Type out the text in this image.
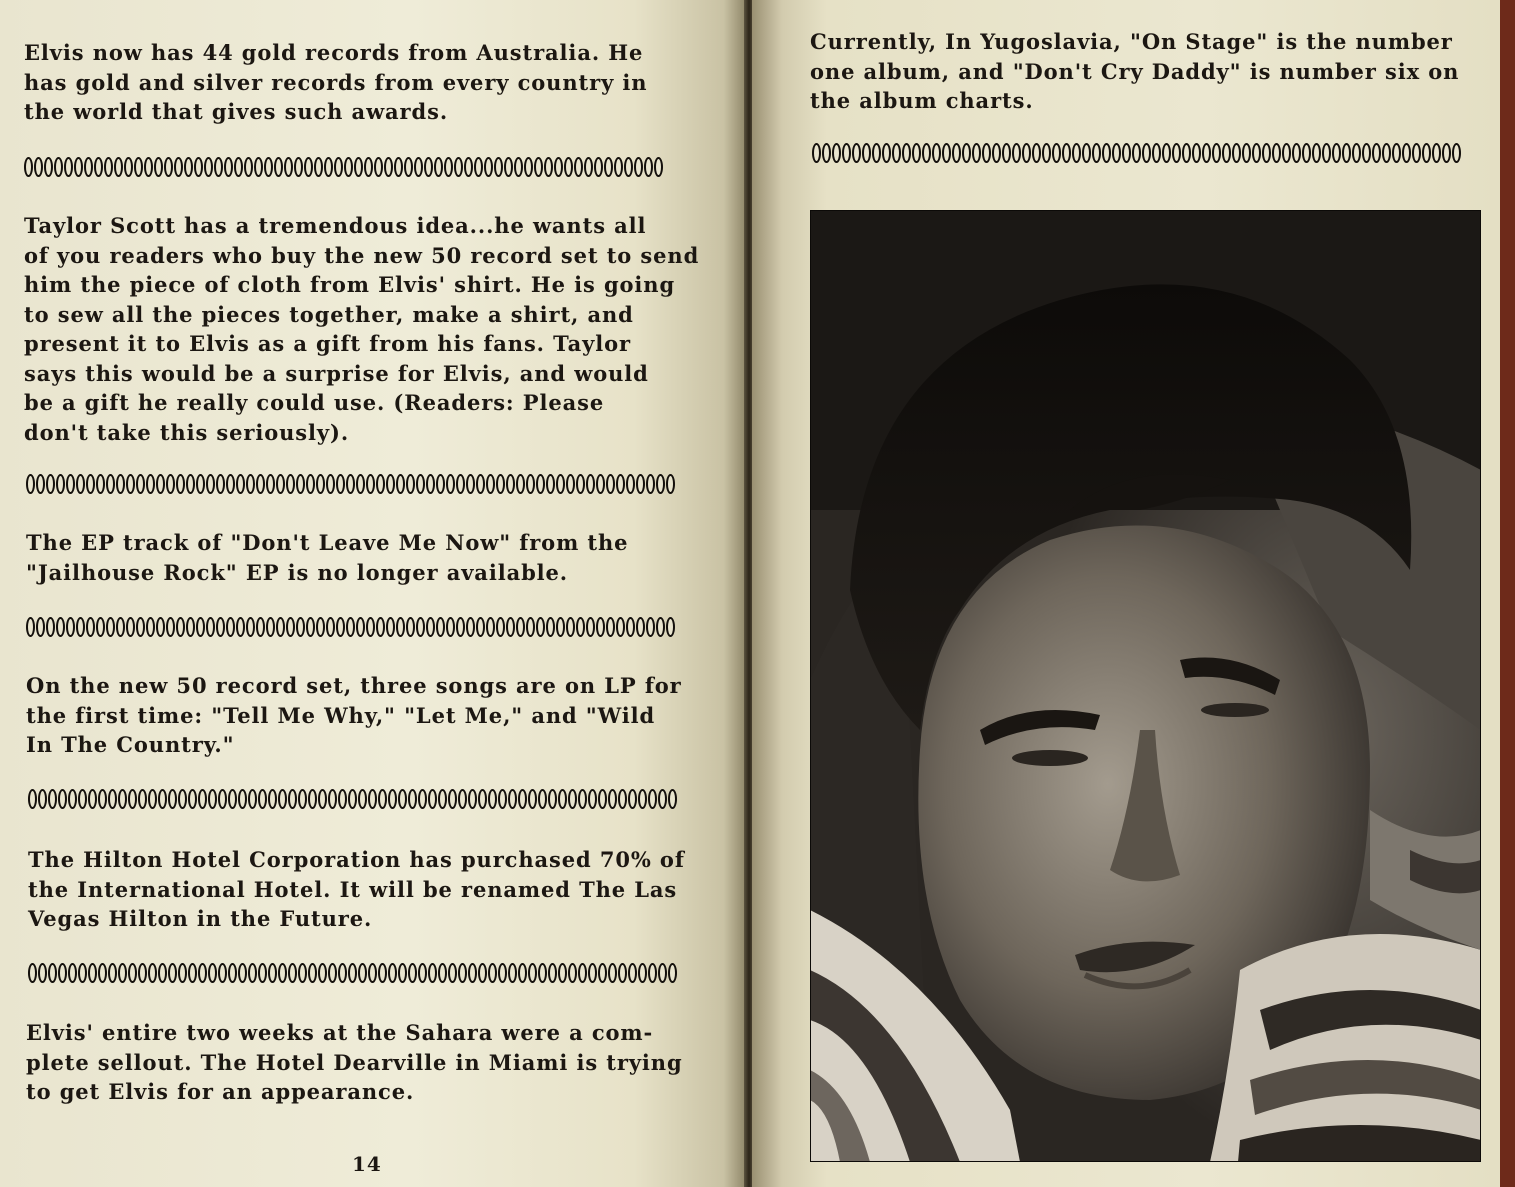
Elvis now has 44 gold records from Australia. He
has gold and silver records from every country in
the world that gives such awards.

Taylor Scott has a tremendous idea...he wants all
of you readers who buy the new 50 record set to send
him the piece of cloth from Elvis' shirt. He is going
to sew all the pieces together, make a shirt, and
present it to Elvis as a gift from his fans. Taylor
says this would be a surprise for Elvis, and would
be a gift he really could use. (Readers: Please
don't take this seriously).

The EP track of "Don't Leave Me Now" from the
"Jailhouse Rock" EP is no longer available.

On the new 50 record set, three songs are on LP for
the first time: "Tell Me Why," "Let Me," and "Wild
In The Country."

The Hilton Hotel Corporation has purchased 70% of
the International Hotel. It will be renamed The Las
Vegas Hilton in the Future.

Elvis' entire two weeks at the Sahara were a com-
plete sellout. The Hotel Dearville in Miami is trying
to get Elvis for an appearance.

14

Currently, In Yugoslavia, "On Stage" is the number
one album, and "Don't Cry Daddy" is number six on
the album charts.
